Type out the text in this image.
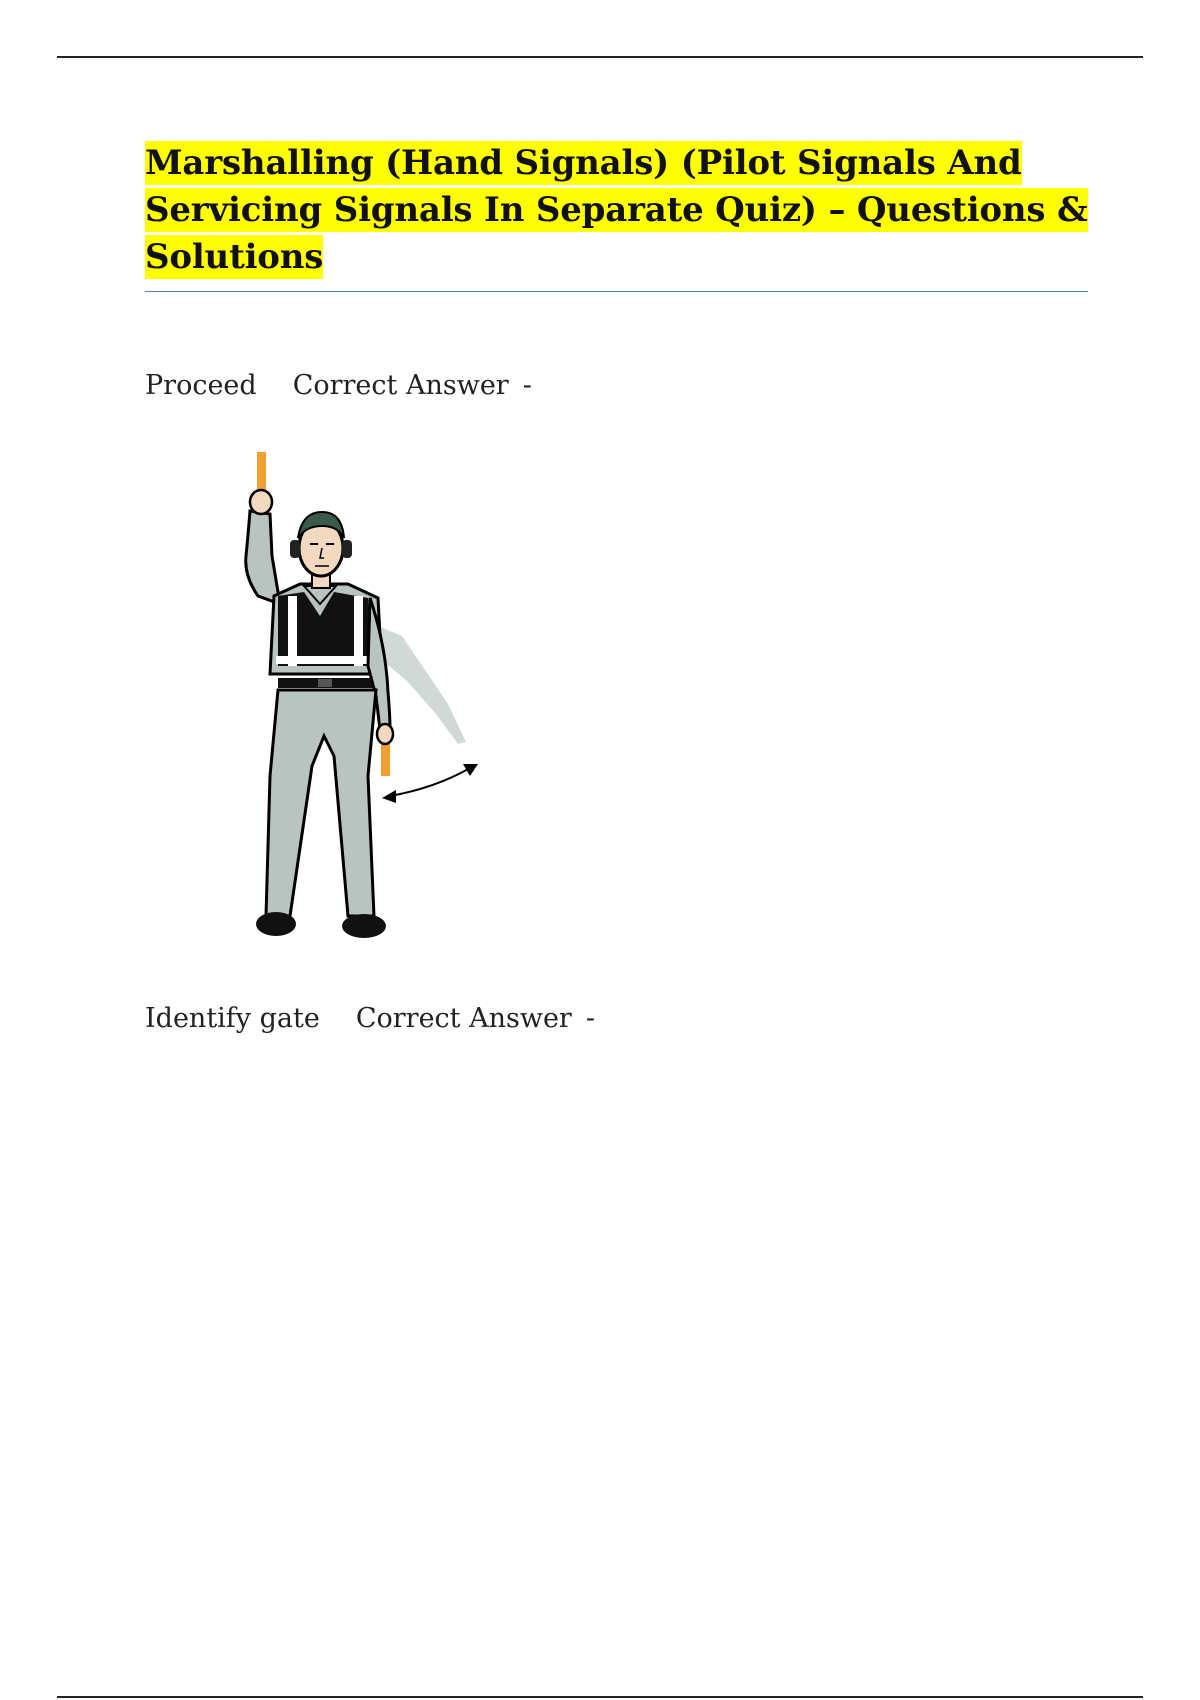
Marshalling (Hand Signals) (Pilot Signals And Servicing Signals In Separate Quiz) – Questions & Solutions
Proceed Correct Answer -
Identify gate Correct Answer -
